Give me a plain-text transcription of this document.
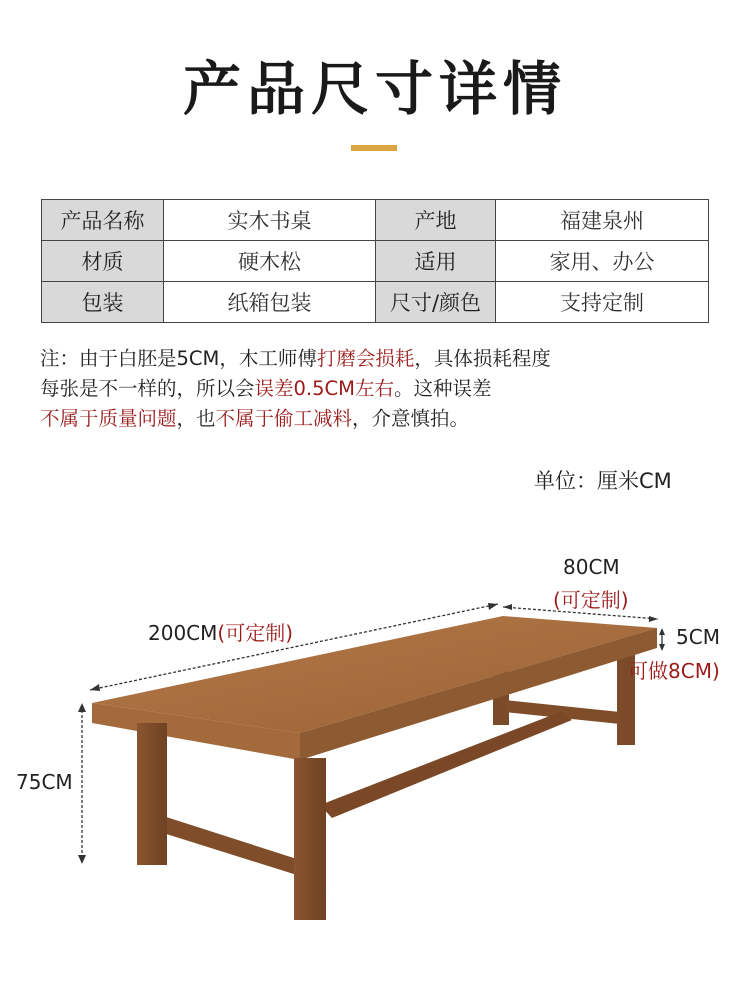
产品尺寸详情
产品名称	实木书桌	产地	福建泉州
材质	硬木松	适用	家用、办公
包装	纸箱包装	尺寸/颜色	支持定制
注：由于白胚是5CM，木工师傅打磨会损耗，具体损耗程度
每张是不一样的，所以会误差0.5CM左右。这种误差
不属于质量问题，也不属于偷工减料，介意慎拍。
单位：厘米CM
200CM(可定制)
80CM
(可定制)
5CM
可做8CM)
75CM
